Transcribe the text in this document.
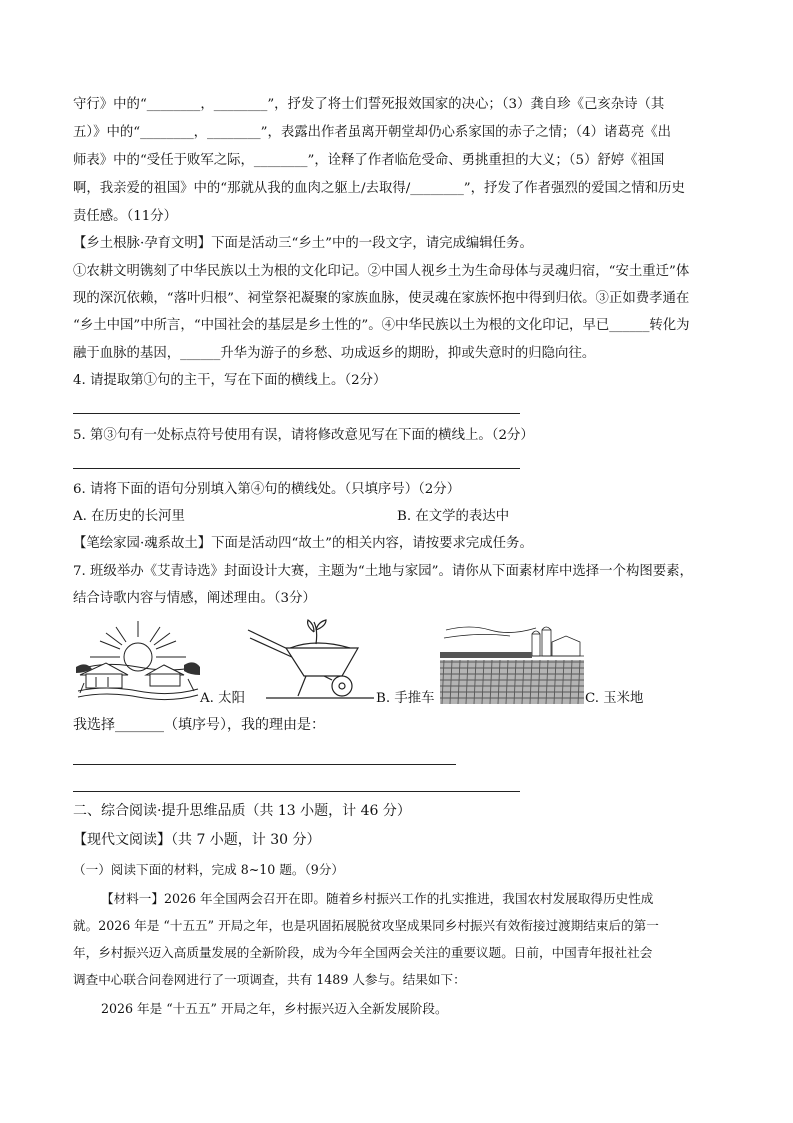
守行》中的“________，________”，抒发了将士们誓死报效国家的决心；（3）龚自珍《己亥杂诗（其
五）》中的“________，________”，表露出作者虽离开朝堂却仍心系家国的赤子之情；（4）诸葛亮《出
师表》中的“受任于败军之际，________”，诠释了作者临危受命、勇挑重担的大义；（5）舒婷《祖国
啊，我亲爱的祖国》中的“那就从我的血肉之躯上/去取得/________”，抒发了作者强烈的爱国之情和历史
责任感。（11分）
【乡土根脉·孕育文明】下面是活动三“乡土”中的一段文字，请完成编辑任务。
①农耕文明镌刻了中华民族以土为根的文化印记。②中国人视乡土为生命母体与灵魂归宿，“安土重迁”体
现的深沉依赖，“落叶归根”、祠堂祭祀凝聚的家族血脉，使灵魂在家族怀抱中得到归依。③正如费孝通在
“乡土中国”中所言，“中国社会的基层是乡土性的”。④中华民族以土为根的文化印记，早已______转化为
融于血脉的基因，______升华为游子的乡愁、功成返乡的期盼，抑或失意时的归隐向往。
4. 请提取第①句的主干，写在下面的横线上。（2分）
5. 第③句有一处标点符号使用有误，请将修改意见写在下面的横线上。（2分）
6. 请将下面的语句分别填入第④句的横线处。（只填序号）（2分）
A. 在历史的长河里	B. 在文学的表达中
【笔绘家园·魂系故土】下面是活动四“故土”的相关内容，请按要求完成任务。
7. 班级举办《艾青诗选》封面设计大赛，主题为“土地与家园”。请你从下面素材库中选择一个构图要素，
结合诗歌内容与情感，阐述理由。（3分）
A. 太阳	B. 手推车	C. 玉米地
我选择_______（填序号），我的理由是：
二、综合阅读·提升思维品质（共 13 小题，计 46 分）
【现代文阅读】（共 7 小题，计 30 分）
（一）阅读下面的材料，完成 8~10 题。（9分）
【材料一】2026 年全国两会召开在即。随着乡村振兴工作的扎实推进，我国农村发展取得历史性成
就。2026 年是 “十五五” 开局之年，也是巩固拓展脱贫攻坚成果同乡村振兴有效衔接过渡期结束后的第一
年，乡村振兴迈入高质量发展的全新阶段，成为今年全国两会关注的重要议题。日前，中国青年报社社会
调查中心联合问卷网进行了一项调查，共有 1489 人参与。结果如下：
2026 年是 “十五五” 开局之年，乡村振兴迈入全新发展阶段。
